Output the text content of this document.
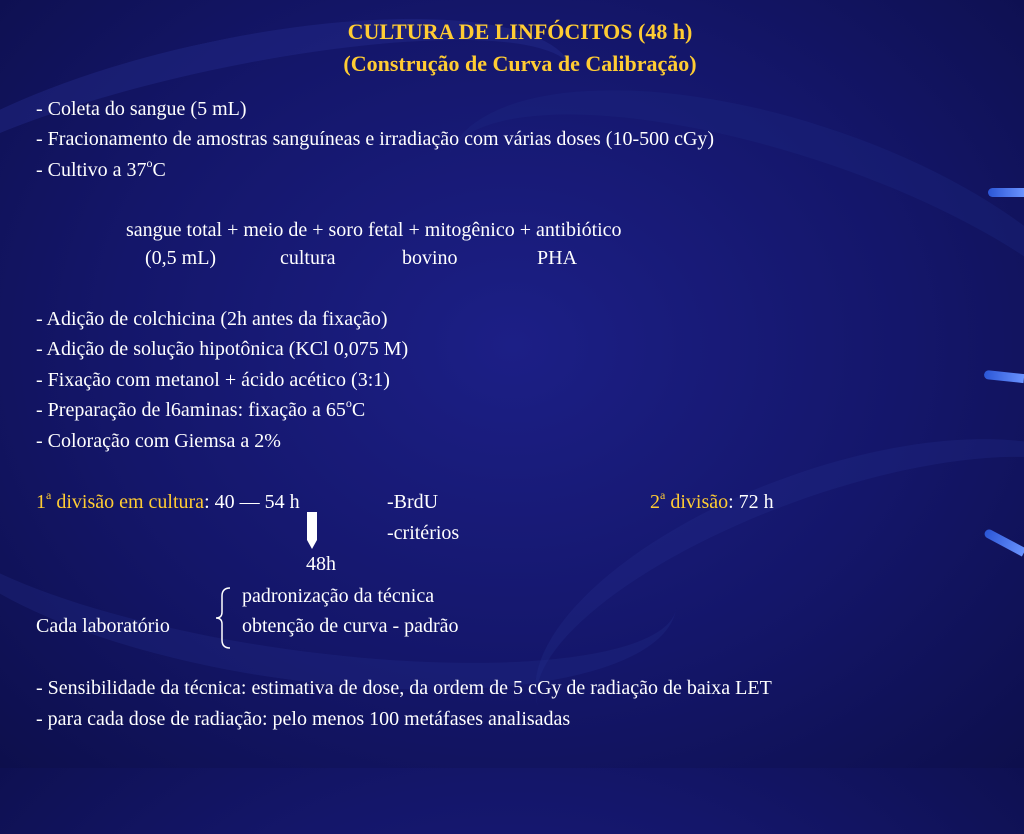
CULTURA DE LINFÓCITOS (48 h)
(Construção de Curva de Calibração)
- Coleta do sangue (5 mL)
- Fracionamento de amostras sanguíneas e irradiação com várias doses (10-500 cGy)
- Cultivo a 37$^o$C
sangue total + meio de + soro fetal + mitogênico + antibiótico
(0,5 mL)	cultura	bovino	PHA
- Adição de colchicina (2h antes da fixação)
- Adição de solução hipotônica (KCl 0,075 M)
- Fixação com metanol + ácido acético (3:1)
- Preparação de l6aminas: fixação a 65$^o$C
- Coloração com Giemsa a 2%
1$^a$ divisão em cultura: 40 — 54 h	-BrdU	2$^a$ divisão: 72 h
-critérios
48h
Cada laboratório
padronização da técnica
obtenção de curva - padrão
- Sensibilidade da técnica: estimativa de dose, da ordem de 5 cGy de radiação de baixa LET
- para cada dose de radiação: pelo menos 100 metáfases analisadas
